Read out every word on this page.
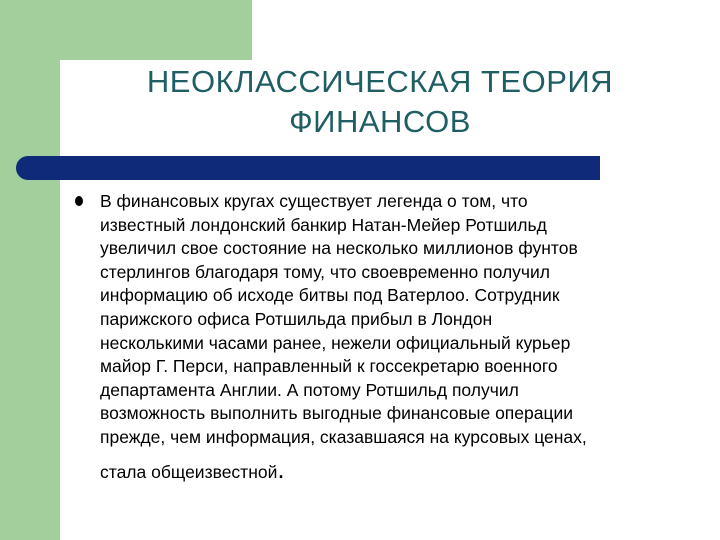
НЕОКЛАССИЧЕСКАЯ ТЕОРИЯ
ФИНАНСОВ
В финансовых кругах существует легенда о том, что
известный лондонский банкир Натан-Мейер Ротшильд
увеличил свое состояние на несколько миллионов фунтов
стерлингов благодаря тому, что своевременно получил
информацию об исходе битвы под Ватерлоо. Сотрудник
парижского офиса Ротшильда прибыл в Лондон
несколькими часами ранее, нежели официальный курьер
майор Г. Перси, направленный к госсекретарю военного
департамента Англии. А потому Ротшильд получил
возможность выполнить выгодные финансовые операции
прежде, чем информация, сказавшаяся на курсовых ценах,
стала общеизвестной.
